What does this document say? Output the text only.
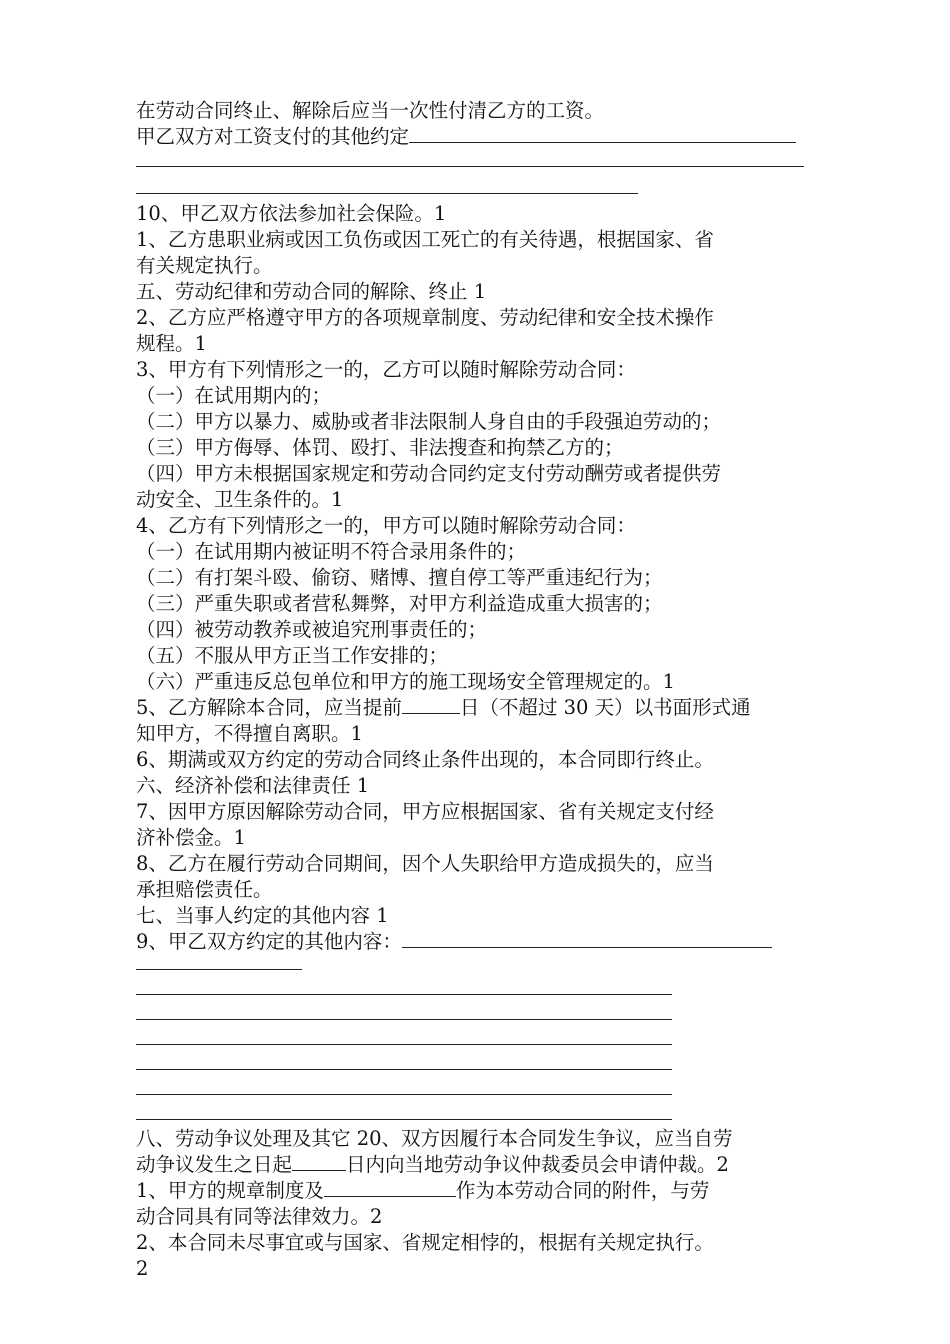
在劳动合同终止、解除后应当一次性付清乙方的工资。
甲乙双方对工资支付的其他约定
10、甲乙双方依法参加社会保险。1
1、乙方患职业病或因工负伤或因工死亡的有关待遇，根据国家、省
有关规定执行。
五、劳动纪律和劳动合同的解除、终止 1
2、乙方应严格遵守甲方的各项规章制度、劳动纪律和安全技术操作
规程。1
3、甲方有下列情形之一的，乙方可以随时解除劳动合同：
（一）在试用期内的；
（二）甲方以暴力、威胁或者非法限制人身自由的手段强迫劳动的；
（三）甲方侮辱、体罚、殴打、非法搜查和拘禁乙方的；
（四）甲方未根据国家规定和劳动合同约定支付劳动酬劳或者提供劳
动安全、卫生条件的。1
4、乙方有下列情形之一的，甲方可以随时解除劳动合同：
（一）在试用期内被证明不符合录用条件的；
（二）有打架斗殴、偷窃、赌博、擅自停工等严重违纪行为；
（三）严重失职或者营私舞弊，对甲方利益造成重大损害的；
（四）被劳动教养或被追究刑事责任的；
（五）不服从甲方正当工作安排的；
（六）严重违反总包单位和甲方的施工现场安全管理规定的。1
5、乙方解除本合同，应当提前	日（不超过 30 天）以书面形式通
知甲方，不得擅自离职。1
6、期满或双方约定的劳动合同终止条件出现的，本合同即行终止。
六、经济补偿和法律责任 1
7、因甲方原因解除劳动合同，甲方应根据国家、省有关规定支付经
济补偿金。1
8、乙方在履行劳动合同期间，因个人失职给甲方造成损失的，应当
承担赔偿责任。
七、当事人约定的其他内容 1
9、甲乙双方约定的其他内容：
八、劳动争议处理及其它 20、双方因履行本合同发生争议，应当自劳
动争议发生之日起	日内向当地劳动争议仲裁委员会申请仲裁。2
1、甲方的规章制度及	作为本劳动合同的附件，与劳
动合同具有同等法律效力。2
2、本合同未尽事宜或与国家、省规定相悖的，根据有关规定执行。
2
